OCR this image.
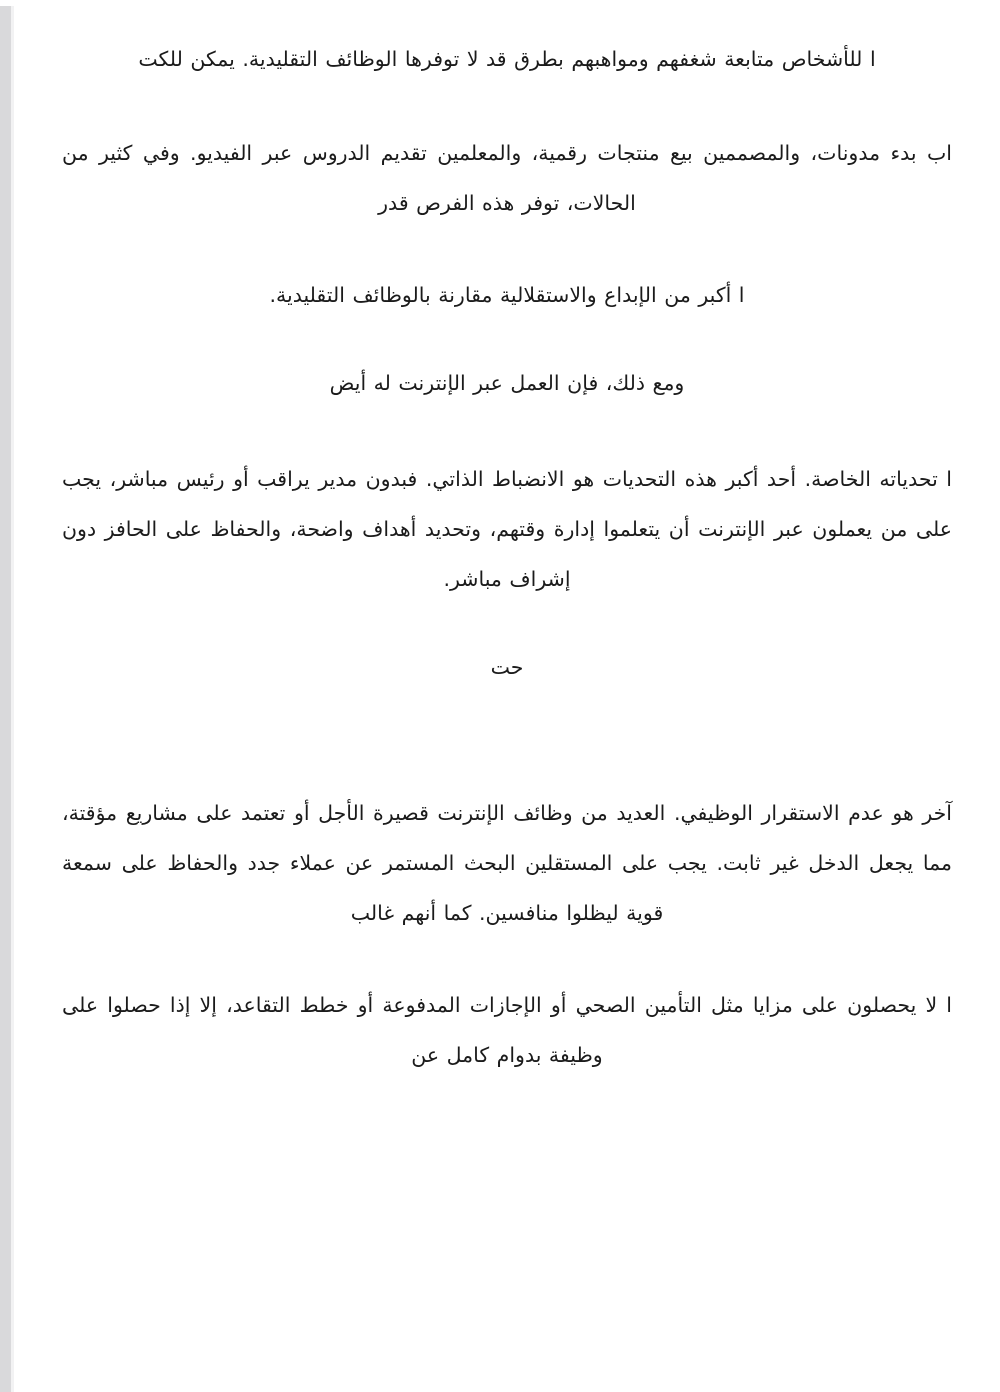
ا للأشخاص متابعة شغفهم ومواهبهم بطرق قد لا توفرها الوظائف التقليدية. يمكن للكت

اب بدء مدونات، والمصممين بيع منتجات رقمية، والمعلمين تقديم الدروس عبر الفيديو. وفي كثير من الحالات، توفر هذه الفرص قدر

ا أكبر من الإبداع والاستقلالية مقارنة بالوظائف التقليدية.

ومع ذلك، فإن العمل عبر الإنترنت له أيض

ا تحدياته الخاصة. أحد أكبر هذه التحديات هو الانضباط الذاتي. فبدون مدير يراقب أو رئيس مباشر، يجب على من يعملون عبر الإنترنت أن يتعلموا إدارة وقتهم، وتحديد أهداف واضحة، والحفاظ على الحافز دون إشراف مباشر.

حت

آخر هو عدم الاستقرار الوظيفي. العديد من وظائف الإنترنت قصيرة الأجل أو تعتمد على مشاريع مؤقتة، مما يجعل الدخل غير ثابت. يجب على المستقلين البحث المستمر عن عملاء جدد والحفاظ على سمعة قوية ليظلوا منافسين. كما أنهم غالب

ا لا يحصلون على مزايا مثل التأمين الصحي أو الإجازات المدفوعة أو خطط التقاعد، إلا إذا حصلوا على وظيفة بدوام كامل عن
